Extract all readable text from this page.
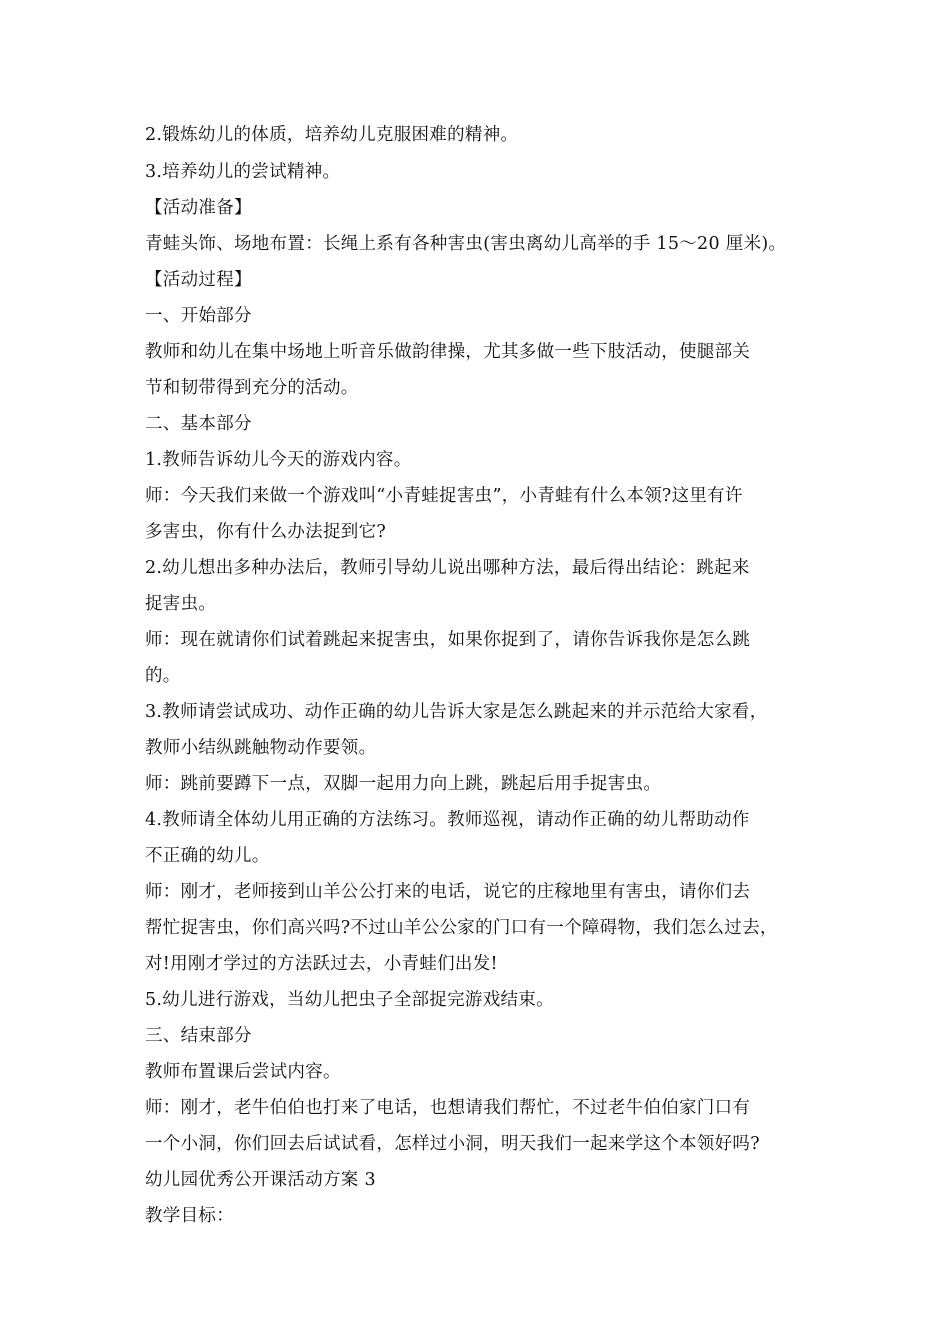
2.锻炼幼儿的体质，培养幼儿克服困难的精神。
3.培养幼儿的尝试精神。
【活动准备】
青蛙头饰、场地布置：长绳上系有各种害虫(害虫离幼儿高举的手 15～20 厘米)。
【活动过程】
一、开始部分
教师和幼儿在集中场地上听音乐做韵律操，尤其多做一些下肢活动，使腿部关
节和韧带得到充分的活动。
二、基本部分
1.教师告诉幼儿今天的游戏内容。
师：今天我们来做一个游戏叫“小青蛙捉害虫”，小青蛙有什么本领?这里有许
多害虫，你有什么办法捉到它?
2.幼儿想出多种办法后，教师引导幼儿说出哪种方法，最后得出结论：跳起来
捉害虫。
师：现在就请你们试着跳起来捉害虫，如果你捉到了，请你告诉我你是怎么跳
的。
3.教师请尝试成功、动作正确的幼儿告诉大家是怎么跳起来的并示范给大家看，
教师小结纵跳触物动作要领。
师：跳前要蹲下一点，双脚一起用力向上跳，跳起后用手捉害虫。
4.教师请全体幼儿用正确的方法练习。教师巡视，请动作正确的幼儿帮助动作
不正确的幼儿。
师：刚才，老师接到山羊公公打来的电话，说它的庄稼地里有害虫，请你们去
帮忙捉害虫，你们高兴吗?不过山羊公公家的门口有一个障碍物，我们怎么过去，
对!用刚才学过的方法跃过去，小青蛙们出发!
5.幼儿进行游戏，当幼儿把虫子全部捉完游戏结束。
三、结束部分
教师布置课后尝试内容。
师：刚才，老牛伯伯也打来了电话，也想请我们帮忙，不过老牛伯伯家门口有
一个小洞，你们回去后试试看，怎样过小洞，明天我们一起来学这个本领好吗?
幼儿园优秀公开课活动方案 3
教学目标：
